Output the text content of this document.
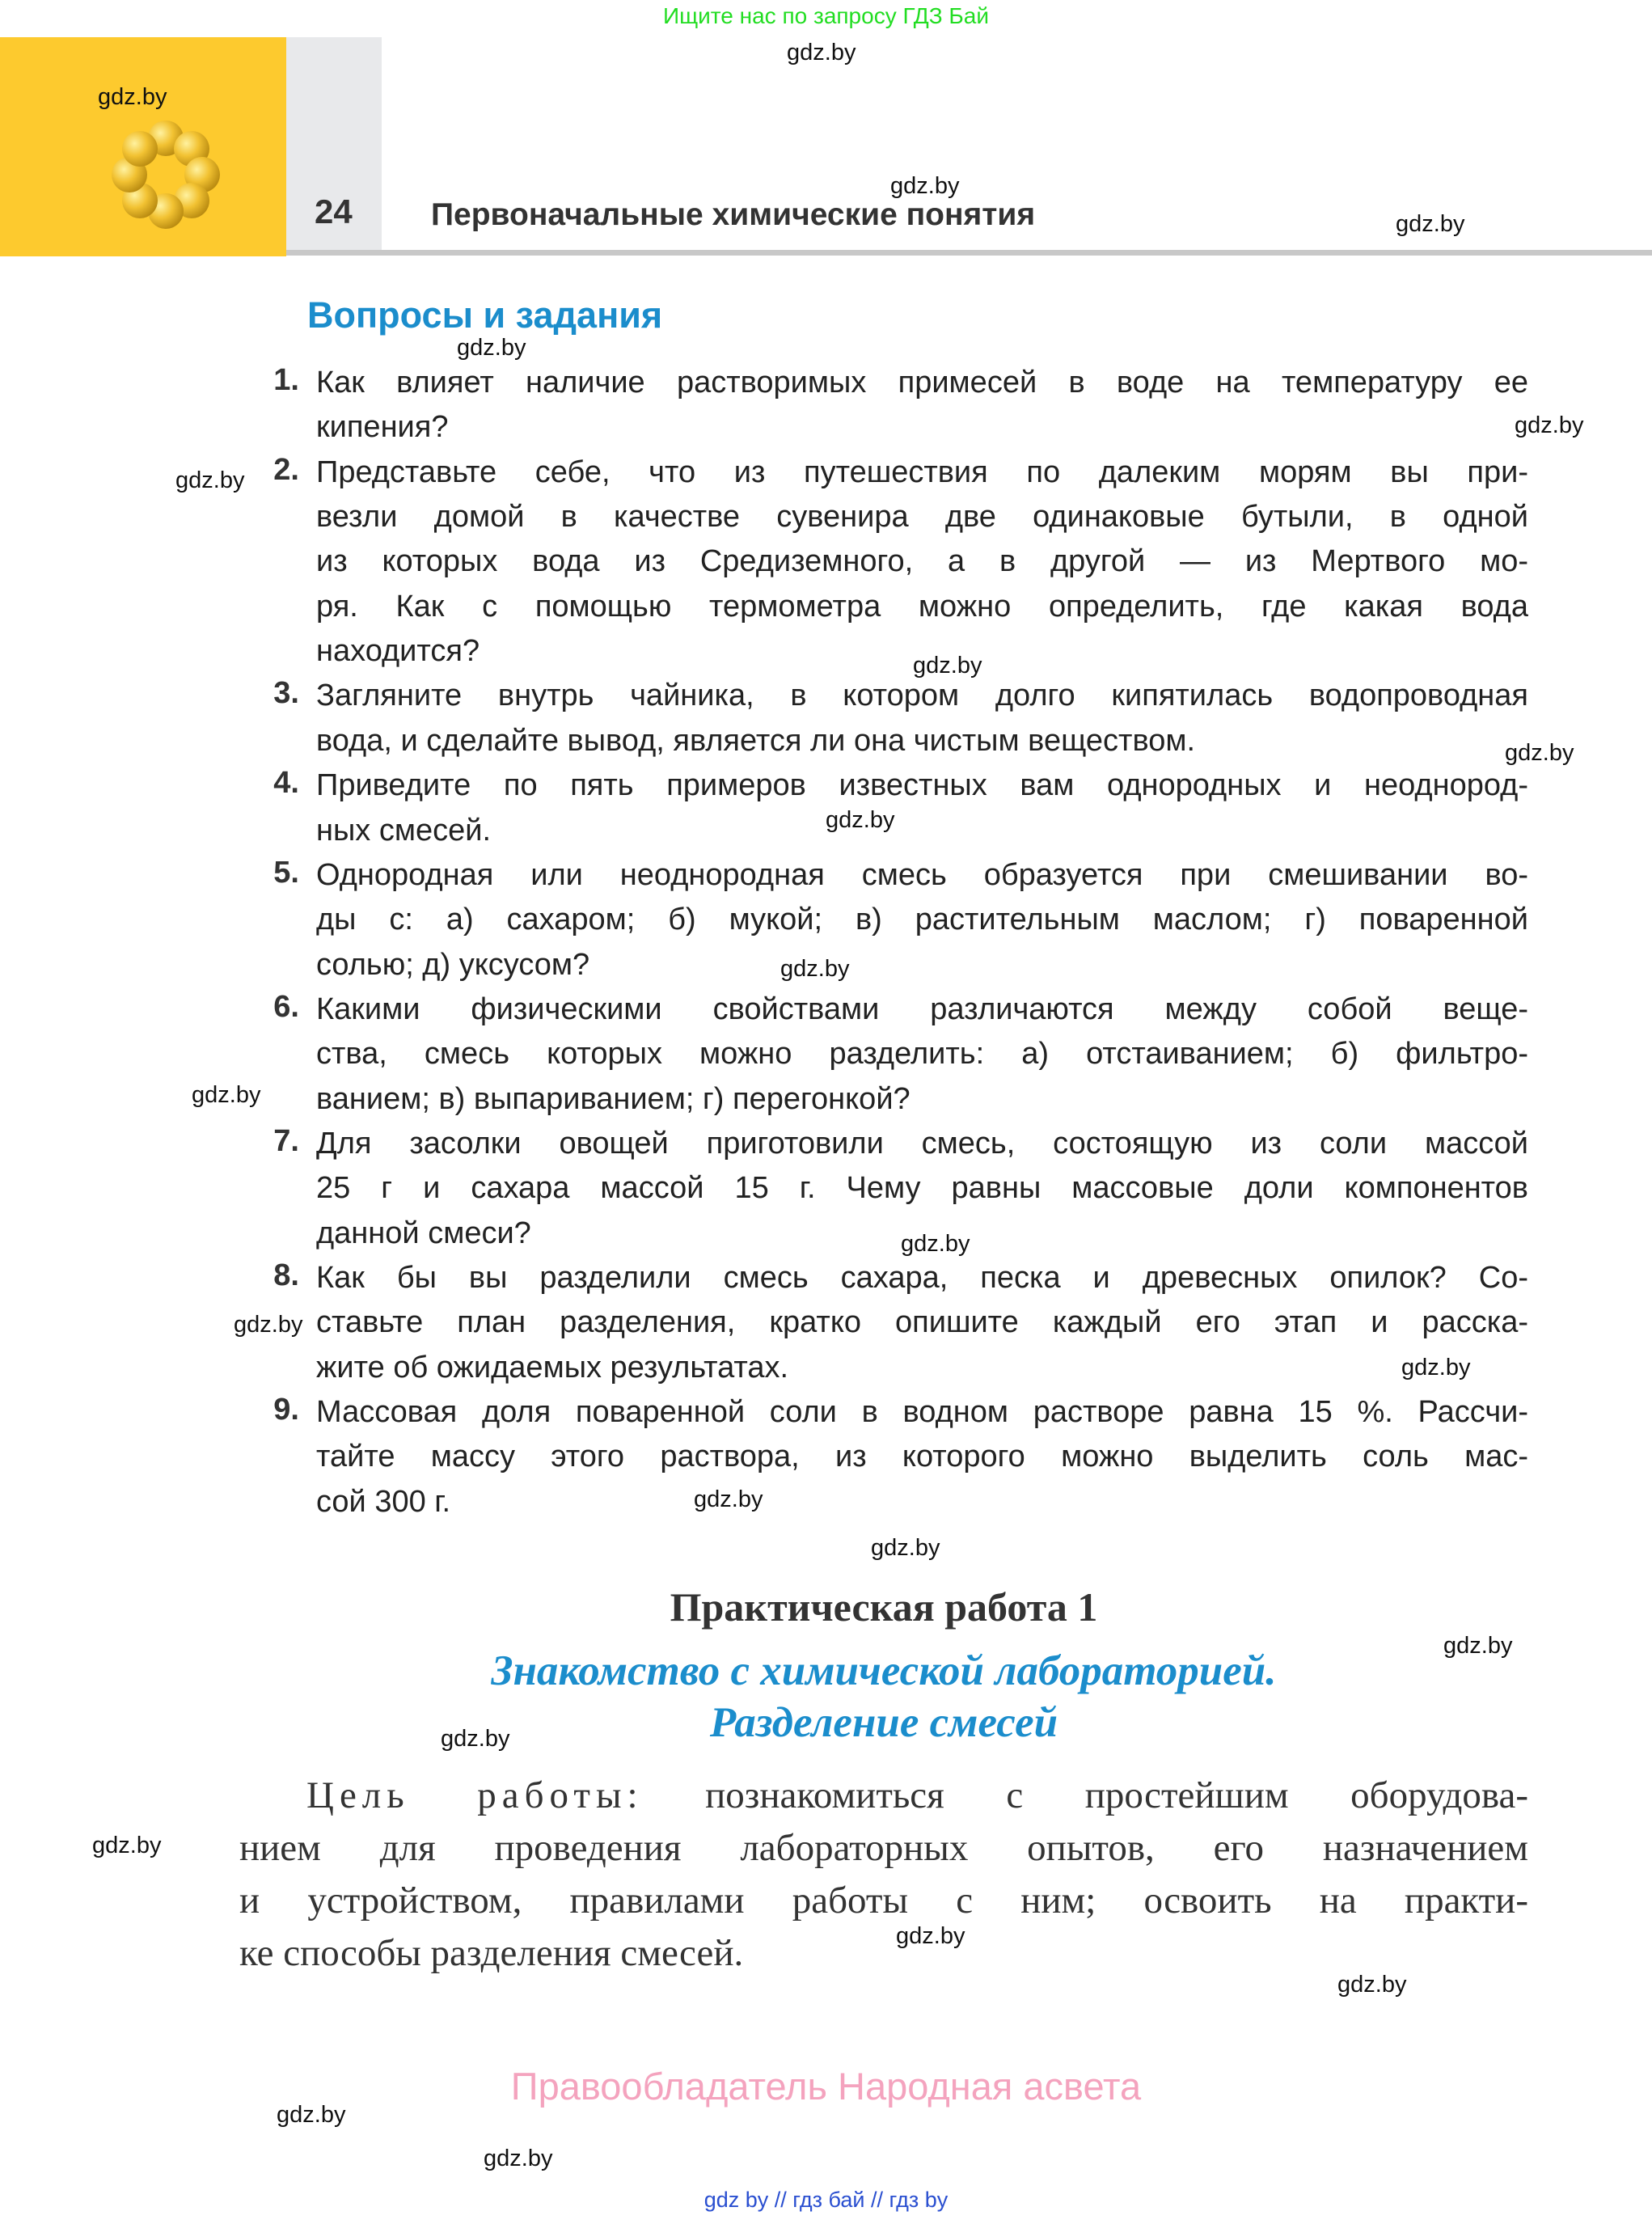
Ищите нас по запросу ГДЗ Бай
24 Первоначальные химические понятия
Вопросы и задания
1. Как влияет наличие растворимых примесей в воде на температуру ее
кипения?
2. Представьте себе, что из путешествия по далеким морям вы при-
везли домой в качестве сувенира две одинаковые бутыли, в одной
из которых вода из Средиземного, а в другой — из Мертвого мо-
ря. Как с помощью термометра можно определить, где какая вода
находится?
3. Загляните внутрь чайника, в котором долго кипятилась водопроводная
вода, и сделайте вывод, является ли она чистым веществом.
4. Приведите по пять примеров известных вам однородных и неоднород-
ных смесей.
5. Однородная или неоднородная смесь образуется при смешивании во-
ды с: а) сахаром; б) мукой; в) растительным маслом; г) поваренной
солью; д) уксусом?
6. Какими физическими свойствами различаются между собой веще-
ства, смесь которых можно разделить: а) отстаиванием; б) фильтро-
ванием; в) выпариванием; г) перегонкой?
7. Для засолки овощей приготовили смесь, состоящую из соли массой
25 г и сахара массой 15 г. Чему равны массовые доли компонентов
данной смеси?
8. Как бы вы разделили смесь сахара, песка и древесных опилок? Со-
ставьте план разделения, кратко опишите каждый его этап и расска-
жите об ожидаемых результатах.
9. Массовая доля поваренной соли в водном растворе равна 15 %. Рассчи-
тайте массу этого раствора, из которого можно выделить соль мас-
сой 300 г.
Практическая работа 1
Знакомство с химической лабораторией.
Разделение смесей
Цель работы: познакомиться с простейшим оборудова-
нием для проведения лабораторных опытов, его назначением
и устройством, правилами работы с ним; освоить на практи-
ке способы разделения смесей.
Правообладатель Народная асвета
gdz by // гдз бай // гдз by
gdz.by
gdz.by
gdz.by
gdz.by
gdz.by
gdz.by
gdz.by
gdz.by
gdz.by
gdz.by
gdz.by
gdz.by
gdz.by
gdz.by
gdz.by
gdz.by
gdz.by
gdz.by
gdz.by
gdz.by
gdz.by
gdz.by
gdz.by
gdz.by
